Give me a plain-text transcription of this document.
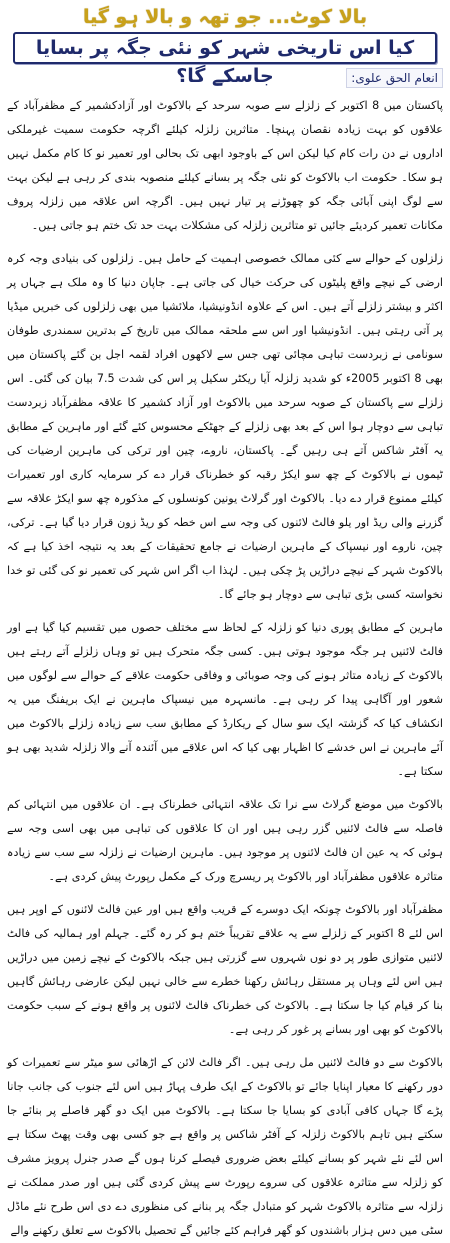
بالا کوٹ... جو تھہ و بالا ہو گیا
کیا اس تاریخی شہر کو نئی جگہ پر بسایا جاسکے گا؟	انعام الحق علوی:

پاکستان میں 8 اکتوبر کے زلزلے سے صوبہ سرحد کے بالاکوٹ اور آزادکشمیر کے مظفرآباد کے علاقوں کو بہت زیادہ نقصان پہنچا۔ متاثرین زلزلہ کیلئے اگرچہ حکومت سمیت غیرملکی اداروں نے دن رات کام کیا لیکن اس کے باوجود ابھی تک بحالی اور تعمیر نو کا کام مکمل نہیں ہو سکا۔ حکومت اب بالاکوٹ کو نئی جگہ پر بسانے کیلئے منصوبہ بندی کر رہی ہے لیکن بہت سے لوگ اپنی آبائی جگہ کو چھوڑنے پر تیار نہیں ہیں۔ اگرچہ اس علاقہ میں زلزلہ پروف مکانات تعمیر کردیئے جائیں تو متاثرین زلزلہ کی مشکلات بہت حد تک ختم ہو جاتی ہیں۔

زلزلوں کے حوالے سے کئی ممالک خصوصی اہمیت کے حامل ہیں۔ زلزلوں کی بنیادی وجہ کرہ ارضی کے نیچے واقع پلیٹوں کی حرکت خیال کی جاتی ہے۔ جاپان دنیا کا وہ ملک ہے جہاں پر اکثر و بیشتر زلزلے آتے ہیں۔ اس کے علاوہ انڈونیشیا، ملائشیا میں بھی زلزلوں کی خبریں میڈیا پر آتی رہتی ہیں۔ انڈونیشیا اور اس سے ملحقہ ممالک میں تاریخ کے بدترین سمندری طوفان سونامی نے زبردست تباہی مچائی تھی جس سے لاکھوں افراد لقمہ اجل بن گئے پاکستان میں بھی 8 اکتوبر 2005ء کو شدید زلزلہ آیا ریکٹر سکیل پر اس کی شدت 7.5 بیان کی گئی۔ اس زلزلے سے پاکستان کے صوبہ سرحد میں بالاکوٹ اور آزاد کشمیر کا علاقہ مظفرآباد زبردست تباہی سے دوچار ہوا اس کے بعد بھی زلزلے کے جھٹکے محسوس کئے گئے اور ماہرین کے مطابق یہ آفٹر شاکس آتے ہی رہیں گے۔ پاکستان، ناروے، چین اور ترکی کی ماہرین ارضیات کی ٹیموں نے بالاکوٹ کے چھ سو ایکڑ رقبہ کو خطرناک قرار دے کر سرمایہ کاری اور تعمیرات کیلئے ممنوع قرار دے دیا۔ بالاکوٹ اور گرلاٹ یونین کونسلوں کے مذکورہ چھ سو ایکڑ علاقہ سے گزرنے والی ریڈ اور یلو فالٹ لائنوں کی وجہ سے اس خطہ کو ریڈ زون قرار دیا گیا ہے۔ ترکی، چین، ناروے اور نیسپاک کے ماہرین ارضیات نے جامع تحقیقات کے بعد یہ نتیجہ اخذ کیا ہے کہ بالاکوٹ شہر کے نیچے دراڑیں پڑ چکی ہیں۔ لہٰذا اب اگر اس شہر کی تعمیر نو کی گئی تو خدا نخواستہ کسی بڑی تباہی سے دوچار ہو جائے گا۔

ماہرین کے مطابق پوری دنیا کو زلزلہ کے لحاظ سے مختلف حصوں میں تقسیم کیا گیا ہے اور فالٹ لائنیں ہر جگہ موجود ہوتی ہیں۔ کسی جگہ متحرک ہیں تو وہاں زلزلے آتے رہتے ہیں بالاکوٹ کے زیادہ متاثر ہونے کی وجہ صوبائی و وفاقی حکومت علاقے کے حوالے سے لوگوں میں شعور اور آگاہی پیدا کر رہی ہے۔ مانسہرہ میں نیسپاک ماہرین نے ایک بریفنگ میں یہ انکشاف کیا کہ گزشتہ ایک سو سال کے ریکارڈ کے مطابق سب سے زیادہ زلزلے بالاکوٹ میں آئے ماہرین نے اس خدشے کا اظہار بھی کیا کہ اس علاقے میں آئندہ آنے والا زلزلہ شدید بھی ہو سکتا ہے۔

بالاکوٹ میں موضع گرلاٹ سے نرا تک علاقہ انتہائی خطرناک ہے۔ ان علاقوں میں انتہائی کم فاصلہ سے فالٹ لائنیں گزر رہی ہیں اور ان کا علاقوں کی تباہی میں بھی اسی وجہ سے ہوئی کہ یہ عین ان فالٹ لائنوں پر موجود ہیں۔ ماہرین ارضیات نے زلزلہ سے سب سے زیادہ متاثرہ علاقوں مظفرآباد اور بالاکوٹ پر ریسرچ ورک کے مکمل رپورٹ پیش کردی ہے۔

مظفرآباد اور بالاکوٹ چونکہ ایک دوسرے کے قریب واقع ہیں اور عین فالٹ لائنوں کے اوپر ہیں اس لئے 8 اکتوبر کے زلزلے سے یہ علاقے تقریباً ختم ہو کر رہ گئے۔ جہلم اور ہمالیہ کی فالٹ لائنیں متوازی طور پر دو نوں شہروں سے گزرتی ہیں جبکہ بالاکوٹ کے نیچے زمین میں دراڑیں ہیں اس لئے وہاں پر مستقل رہائش رکھنا خطرے سے خالی نہیں لیکن عارضی رہائش گاہیں بنا کر قیام کیا جا سکتا ہے۔ بالاکوٹ کی خطرناک فالٹ لائنوں پر واقع ہونے کے سبب حکومت بالاکوٹ کو بھی اور بسانے پر غور کر رہی ہے۔

بالاکوٹ سے دو فالٹ لائنیں مل رہی ہیں۔ اگر فالٹ لائن کے اڑھائی سو میٹر سے تعمیرات کو دور رکھنے کا معیار اپنایا جائے تو بالاکوٹ کے ایک طرف پہاڑ ہیں اس لئے جنوب کی جانب جانا پڑے گا جہاں کافی آبادی کو بسایا جا سکتا ہے۔ بالاکوٹ میں ایک دو گھر فاصلے پر بنائے جا سکتے ہیں تاہم بالاکوٹ زلزلہ کے آفٹر شاکس پر واقع ہے جو کسی بھی وقت پھٹ سکتا ہے اس لئے نئے شہر کو بسانے کیلئے بعض ضروری فیصلے کرنا ہوں گے صدر جنرل پرویز مشرف کو زلزلہ سے متاثرہ علاقوں کی سروے رپورٹ سے پیش کردی گئی ہیں اور صدر مملکت نے زلزلہ سے متاثرہ بالاکوٹ شہر کو متبادل جگہ پر بنانے کی منظوری دے دی اس طرح نئے ماڈل سٹی میں دس ہزار باشندوں کو گھر فراہم کئے جائیں گے تحصیل بالاکوٹ سے تعلق رکھنے والے
